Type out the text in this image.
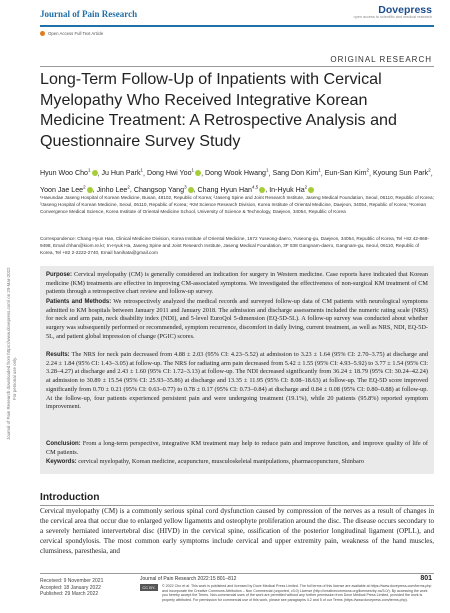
Journal of Pain Research downloaded from https://www.dovepress.com/ on 29-Mar-2022 For personal use only.
Journal of Pain Research	Dovepress
open access to scientific and medical research
Open Access Full Text Article
ORIGINAL RESEARCH
Long-Term Follow-Up of Inpatients with Cervical Myelopathy Who Received Integrative Korean Medicine Treatment: A Retrospective Analysis and Questionnaire Survey Study
Hyun Woo Cho$^1$ , Ju Hun Park$^1$, Dong Hwi Yoo$^1$ , Dong Wook Hwang$^1$, Sang Don Kim$^1$, Eun-San Kim$^2$, Kyoung Sun Park$^2$, Yoon Jae Lee$^2$ , Jinho Lee$^2$, Changsop Yang$^3$ , Chang Hyun Han$^{4,5}$ , In-Hyuk Ha$^2$
¹Haeundae Jaseng Hospital of Korean Medicine, Busan, 48102, Republic of Korea; ²Jaseng Spine and Joint Research Institute, Jaseng Medical Foundation, Seoul, 06110, Republic of Korea; ³Jaseng Hospital of Korean Medicine, Seoul, 06110, Republic of Korea; ⁴KM Science Research Division, Korea Institute of Oriental Medicine, Daejeon, 34054, Republic of Korea; ⁵Korean Convergence Medical Science, Korea Institute of Oriental Medicine School, University of Science & Technology, Daejeon, 34054, Republic of Korea
Correspondence: Chang Hyun Han, Clinical Medicine Division, Korea Institute of Oriental Medicine, 1672 Yuseong-daero, Yuseong-gu, Daejeon, 34054, Republic of Korea, Tel +82 42-868-9498, Email chhan@kiom.re.kr; In-Hyuk Ha, Jaseng Spine and Joint Research Institute, Jaseng Medical Foundation, 3F 538 Gangnam-daero, Gangnam-gu, Seoul, 06110, Republic of Korea, Tel +82 2-2222-2740, Email hanihata@gmail.com

Purpose: Cervical myelopathy (CM) is generally considered an indication for surgery in Western medicine. Case reports have indicated that Korean medicine (KM) treatments are effective in improving CM-associated symptoms. We investigated the effectiveness of non-surgical KM treatment of CM patients through a retrospective chart review and follow-up survey.

Patients and Methods: We retrospectively analyzed the medical records and surveyed follow-up data of CM patients with neurological symptoms admitted to KM hospitals between January 2011 and January 2018. The admission and discharge assessments included the numeric rating scale (NRS) for neck and arm pain, neck disability index (NDI), and 5-level EuroQol 5-dimension (EQ-5D-5L). A follow-up survey was conducted about whether surgery was subsequently performed or recommended, symptom recurrence, discomfort in daily living, current treatment, as well as NRS, NDI, EQ-5D-5L, and patient global impression of change (PGIC) scores.

Results: The NRS for neck pain decreased from 4.88 ± 2.03 (95% CI: 4.23–5.52) at admission to 3.23 ± 1.64 (95% CI: 2.70–3.75) at discharge and 2.24 ± 1.84 (95% CI: 1.43–3.05) at follow-up. The NRS for radiating arm pain decreased from 5.42 ± 1.55 (95% CI: 4.93–5.92) to 3.77 ± 1.54 (95% CI: 3.28–4.27) at discharge and 2.43 ± 1.60 (95% CI: 1.72–3.13) at follow-up. The NDI decreased significantly from 36.24 ± 18.79 (95% CI: 30.24–42.24) at admission to 30.89 ± 15.54 (95% CI: 25.93–35.86) at discharge and 13.35 ± 11.95 (95% CI: 8.08–18.63) at follow-up. The EQ-5D score improved significantly from 0.70 ± 0.21 (95% CI: 0.63–0.77) to 0.78 ± 0.17 (95% CI: 0.73–0.84) at discharge and 0.84 ± 0.08 (95% CI: 0.80–0.88) at follow-up. At the follow-up, four patients experienced persistent pain and were undergoing treatment (19.1%), while 20 patients (95.8%) reported symptom improvement.

Conclusion: From a long-term perspective, integrative KM treatment may help to reduce pain and improve function, and improve quality of life of CM patients.

Keywords: cervical myelopathy, Korean medicine, acupuncture, musculoskeletal manipulations, pharmacopuncture, Shinbaro

Introduction

Cervical myelopathy (CM) is a commonly serious spinal cord dysfunction caused by compression of the nerves as a result of changes in the cervical area that occur due to enlarged yellow ligaments and osteophyte proliferation around the disc. The disease occurs secondary to a severely herniated intervertebral disc (HIVD) in the cervical spine, ossification of the posterior longitudinal ligament (OPLL), and cervical spondylosis. The most common early symptoms include cervical and upper extremity pain, weakness of the hand muscles, clumsiness, paresthesia, and

Received: 9 November 2021
Accepted: 18 January 2022
Published: 29 March 2022
Journal of Pain Research 2022:15 801–812	801
CC BY-NC

© 2022 Cho et al. This work is published and licensed by Dove Medical Press Limited. The full terms of this license are available at https://www.dovepress.com/terms.php and incorporate the Creative Commons Attribution – Non Commercial (unported, v3.0) License (http://creativecommons.org/licenses/by-nc/3.0/). By accessing the work you hereby accept the Terms. Non-commercial uses of the work are permitted without any further permission from Dove Medical Press Limited, provided the work is properly attributed. For permission for commercial use of this work, please see paragraphs 4.2 and 5 of our Terms (https://www.dovepress.com/terms.php).
